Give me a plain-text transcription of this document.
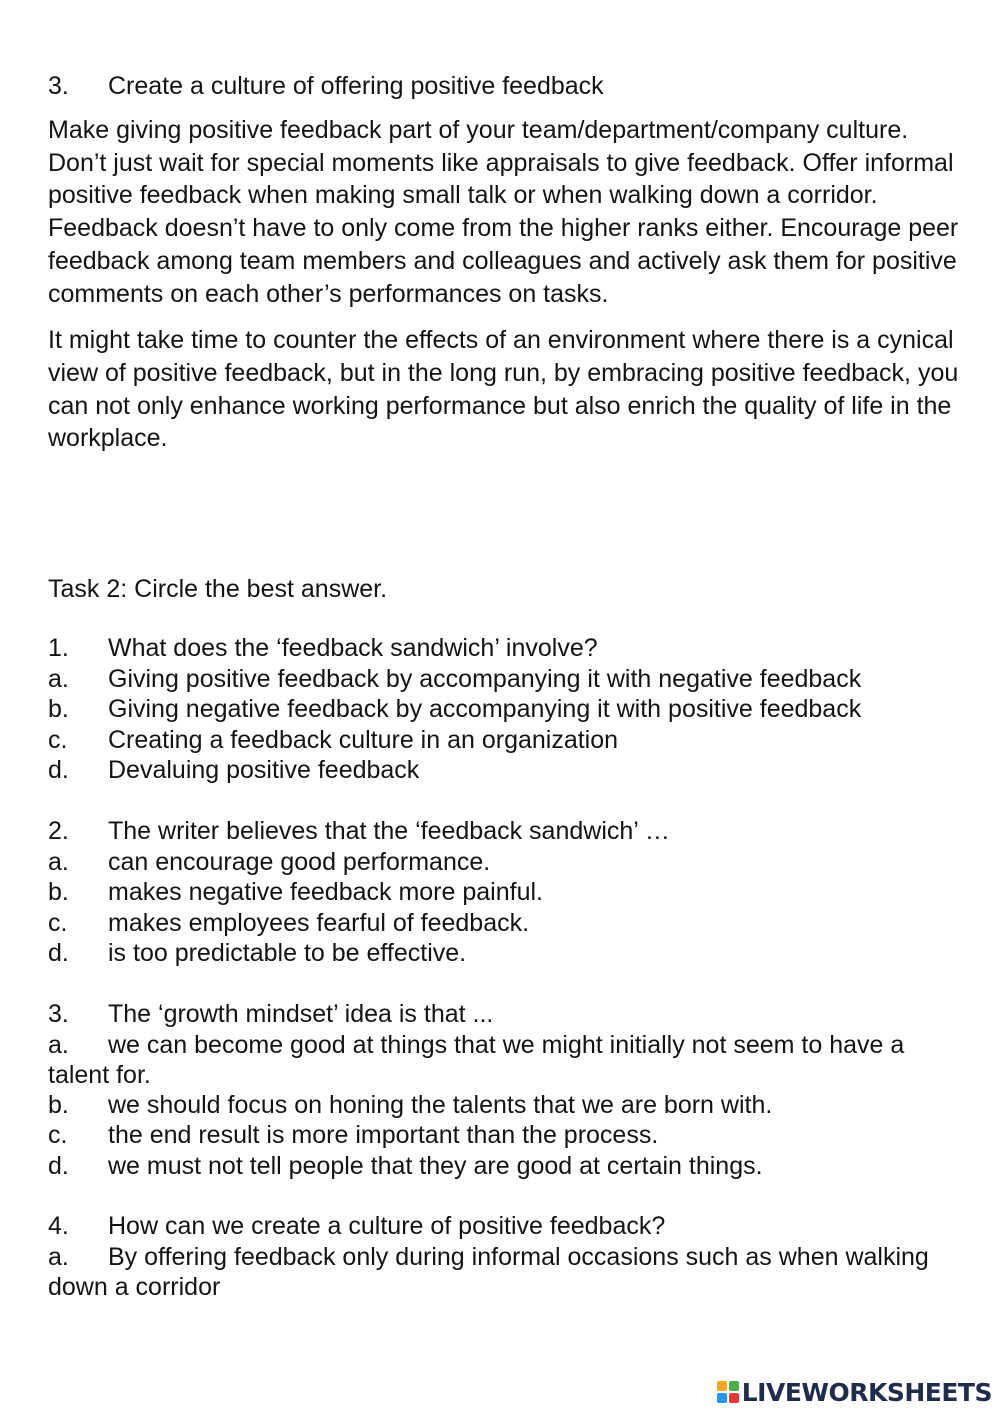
3.	Create a culture of offering positive feedback

Make giving positive feedback part of your team/department/company culture. Don’t just wait for special moments like appraisals to give feedback. Offer informal positive feedback when making small talk or when walking down a corridor. Feedback doesn’t have to only come from the higher ranks either. Encourage peer feedback among team members and colleagues and actively ask them for positive comments on each other’s performances on tasks.

It might take time to counter the effects of an environment where there is a cynical view of positive feedback, but in the long run, by embracing positive feedback, you can not only enhance working performance but also enrich the quality of life in the workplace.

Task 2: Circle the best answer.
1.	What does the ‘feedback sandwich’ involve?
a.	Giving positive feedback by accompanying it with negative feedback
b.	Giving negative feedback by accompanying it with positive feedback
c.	Creating a feedback culture in an organization
d.	Devaluing positive feedback
2.	The writer believes that the ‘feedback sandwich’ …
a.	can encourage good performance.
b.	makes negative feedback more painful.
c.	makes employees fearful of feedback.
d.	is too predictable to be effective.
3.	The ‘growth mindset’ idea is that ...
a. we can become good at things that we might initially not seem to have a talent for.
b.	we should focus on honing the talents that we are born with.
c.	the end result is more important than the process.
d.	we must not tell people that they are good at certain things.
4.	How can we create a culture of positive feedback?
a. By offering feedback only during informal occasions such as when walking down a corridor
LIVEWORKSHEETS
